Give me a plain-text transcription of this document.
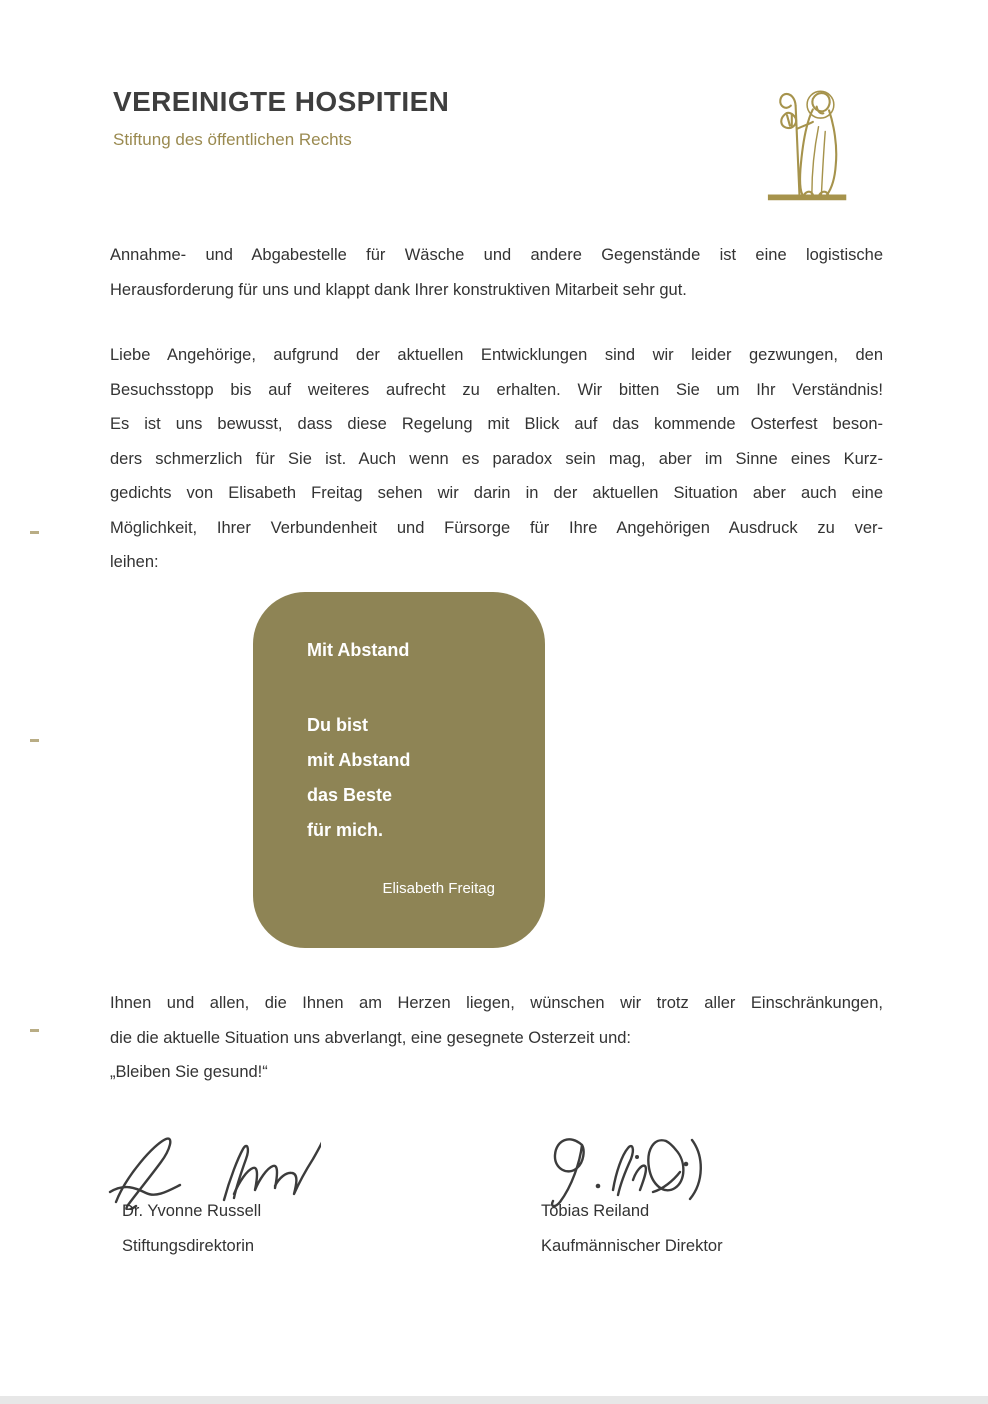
VEREINIGTE HOSPITIEN
Stiftung des öffentlichen Rechts
Annahme- und Abgabestelle für Wäsche und andere Gegenstände ist eine logistische
Herausforderung für uns und klappt dank Ihrer konstruktiven Mitarbeit sehr gut.
Liebe Angehörige, aufgrund der aktuellen Entwicklungen sind wir leider gezwungen, den
Besuchsstopp bis auf weiteres aufrecht zu erhalten. Wir bitten Sie um Ihr Verständnis!
Es ist uns bewusst, dass diese Regelung mit Blick auf das kommende Osterfest beson-
ders schmerzlich für Sie ist. Auch wenn es paradox sein mag, aber im Sinne eines Kurz-
gedichts von Elisabeth Freitag sehen wir darin in der aktuellen Situation aber auch eine
Möglichkeit, Ihrer Verbundenheit und Fürsorge für Ihre Angehörigen Ausdruck zu ver-
leihen:
Mit Abstand
Du bist
mit Abstand
das Beste
für mich.
Elisabeth Freitag
Ihnen und allen, die Ihnen am Herzen liegen, wünschen wir trotz aller Einschränkungen,
die die aktuelle Situation uns abverlangt, eine gesegnete Osterzeit und:
„Bleiben Sie gesund!“
Dr. Yvonne Russell
Stiftungsdirektorin
Tobias Reiland
Kaufmännischer Direktor
